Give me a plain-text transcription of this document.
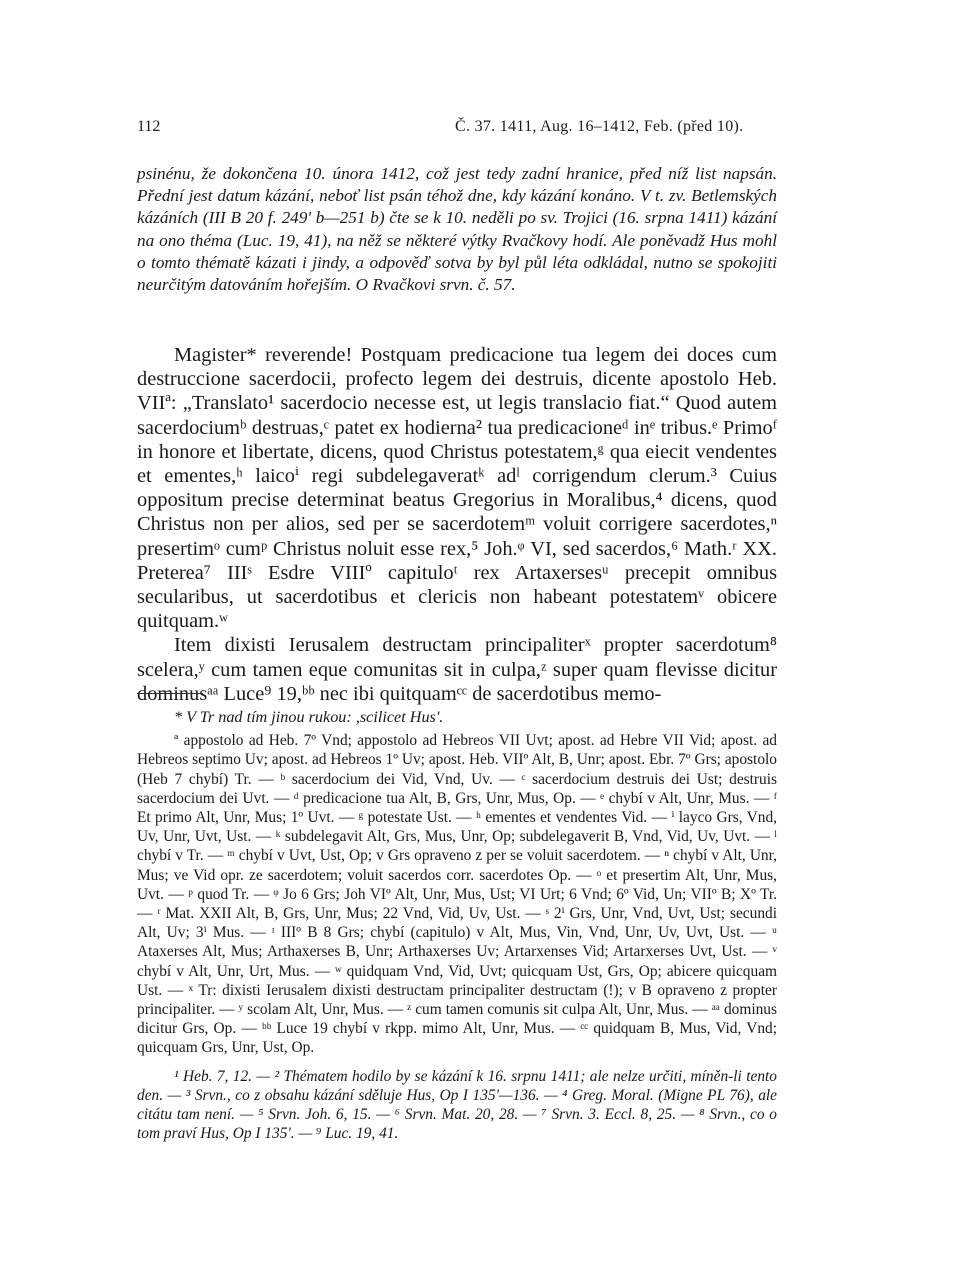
112	Č. 37. 1411, Aug. 16–1412, Feb. (před 10).

psinénu, že dokončena 10. února 1412, což jest tedy zadní hranice, před níž list napsán. Přední jest datum kázání, neboť list psán téhož dne, kdy kázání konáno. V t. zv. Betlemských kázáních (III B 20 f. 249' b—251 b) čte se k 10. neděli po sv. Trojici (16. srpna 1411) kázání na ono théma (Luc. 19, 41), na něž se některé výtky Rvačkovy hodí. Ale poněvadž Hus mohl o tomto thématě kázati i jindy, a odpověď sotva by byl půl léta odkládal, nutno se spokojiti neurčitým datováním hořejším. O Rvačkovi srvn. č. 57.

Magister* reverende! Postquam predicacione tua legem dei doces cum destruccione sacerdocii, profecto legem dei destruis, dicente apostolo Heb. VIIª: „Translato¹ sacerdocio necesse est, ut legis translacio fiat.“ Quod autem sacerdociumᵇ destruas,ᶜ patet ex hodierna² tua predicacioneᵈ inᵉ tribus.ᵉ Primoᶠ in honore et libertate, dicens, quod Christus potestatem,ᵍ qua eiecit vendentes et ementes,ʰ laicoⁱ regi subdelegaveratᵏ adˡ corrigendum clerum.³ Cuius oppositum precise determinat beatus Gregorius in Moralibus,⁴ dicens, quod Christus non per alios, sed per se sacerdotemᵐ voluit corrigere sacerdotes,ⁿ presertimᵒ cumᵖ Christus noluit esse rex,⁵ Joh.ᵠ VI, sed sacerdos,⁶ Math.ʳ XX. Preterea⁷ IIIˢ Esdre VIIIº capituloᵗ rex Artaxersesᵘ precepit omnibus secularibus, ut sacerdotibus et clericis non habeant potestatemᵛ obicere quitquam.ʷ

Item dixisti Ierusalem destructam principaliterˣ propter sacerdotum⁸ scelera,ʸ cum tamen eque comunitas sit in culpa,ᶻ super quam flevisse dicitur dominusᵃᵃ Luce⁹ 19,ᵇᵇ nec ibi quitquamᶜᶜ de sacerdotibus memo-

* V Tr nad tím jinou rukou: ,scilicet Hus'.

ª appostolo ad Heb. 7º Vnd; appostolo ad Hebreos VII Uvt; apost. ad Hebre VII Vid; apost. ad Hebreos septimo Uv; apost. ad Hebreos 1º Uv; apost. Heb. VIIº Alt, B, Unr; apost. Ebr. 7º Grs; apostolo (Heb 7 chybí) Tr. — ᵇ sacerdocium dei Vid, Vnd, Uv. — ᶜ sacerdocium destruis dei Ust; destruis sacerdocium dei Uvt. — ᵈ predicacione tua Alt, B, Grs, Unr, Mus, Op. — ᵉ chybí v Alt, Unr, Mus. — ᶠ Et primo Alt, Unr, Mus; 1º Uvt. — ᵍ potestate Ust. — ʰ ementes et vendentes Vid. — ⁱ layco Grs, Vnd, Uv, Unr, Uvt, Ust. — ᵏ subdelegavit Alt, Grs, Mus, Unr, Op; subdelegaverit B, Vnd, Vid, Uv, Uvt. — ˡ chybí v Tr. — ᵐ chybí v Uvt, Ust, Op; v Grs opraveno z per se voluit sacerdotem. — ⁿ chybí v Alt, Unr, Mus; ve Vid opr. ze sacerdotem; voluit sacerdos corr. sacerdotes Op. — ᵒ et presertim Alt, Unr, Mus, Uvt. — ᵖ quod Tr. — ᵠ Jo 6 Grs; Joh VIº Alt, Unr, Mus, Ust; VI Urt; 6 Vnd; 6º Vid, Un; VIIº B; Xº Tr. — ʳ Mat. XXII Alt, B, Grs, Unr, Mus; 22 Vnd, Vid, Uv, Ust. — ˢ 2ⁱ Grs, Unr, Vnd, Uvt, Ust; secundi Alt, Uv; 3ⁱ Mus. — ᵗ IIIº B 8 Grs; chybí (capitulo) v Alt, Mus, Vin, Vnd, Unr, Uv, Uvt, Ust. — ᵘ Ataxerses Alt, Mus; Arthaxerses B, Unr; Arthaxerses Uv; Artarxenses Vid; Artarxerses Uvt, Ust. — ᵛ chybí v Alt, Unr, Urt, Mus. — ʷ quidquam Vnd, Vid, Uvt; quicquam Ust, Grs, Op; abicere quicquam Ust. — ˣ Tr: dixisti Ierusalem dixisti destructam principaliter destructam (!); v B opraveno z propter principaliter. — ʸ scolam Alt, Unr, Mus. — ᶻ cum tamen comunis sit culpa Alt, Unr, Mus. — ᵃᵃ dominus dicitur Grs, Op. — ᵇᵇ Luce 19 chybí v rkpp. mimo Alt, Unr, Mus. — ᶜᶜ quidquam B, Mus, Vid, Vnd; quicquam Grs, Unr, Ust, Op.

¹ Heb. 7, 12. — ² Thématem hodilo by se kázání k 16. srpnu 1411; ale nelze určiti, míněn-li tento den. — ³ Srvn., co z obsahu kázání sděluje Hus, Op I 135'—136. — ⁴ Greg. Moral. (Migne PL 76), ale citátu tam není. — ⁵ Srvn. Joh. 6, 15. — ⁶ Srvn. Mat. 20, 28. — ⁷ Srvn. 3. Eccl. 8, 25. — ⁸ Srvn., co o tom praví Hus, Op I 135'. — ⁹ Luc. 19, 41.
